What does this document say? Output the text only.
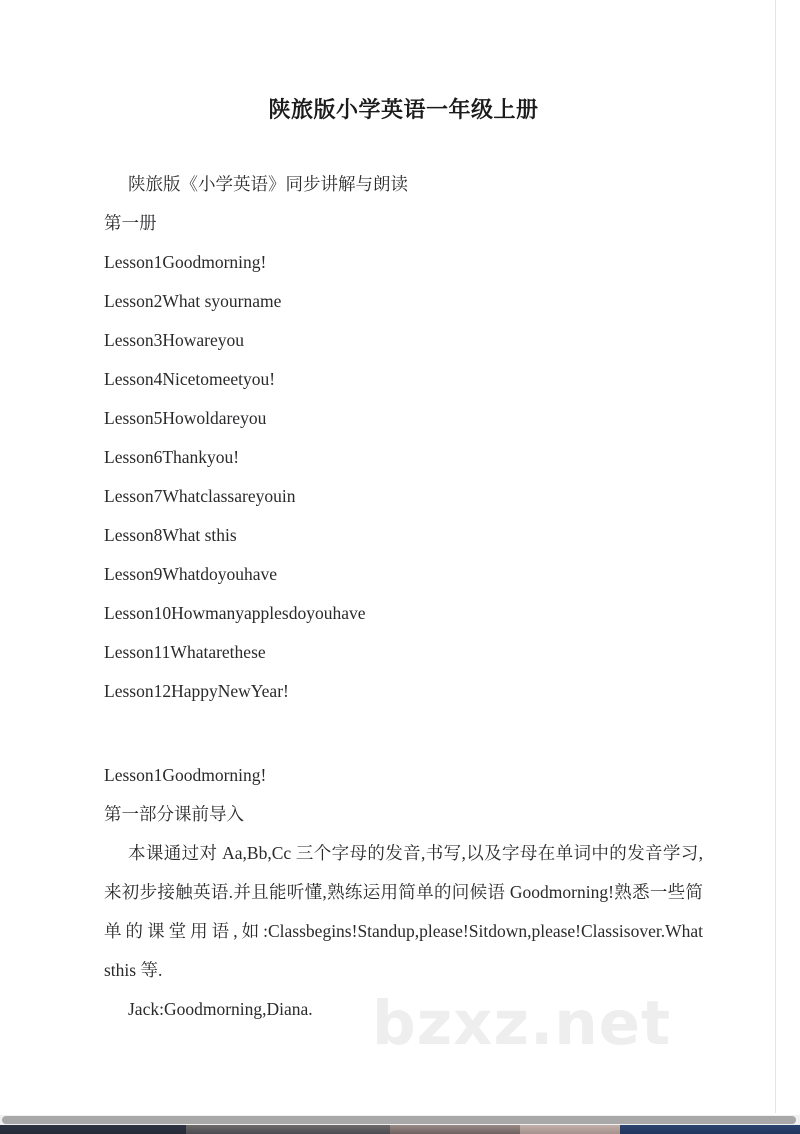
bzxz.net
陕旅版小学英语一年级上册

陕旅版《小学英语》同步讲解与朗读

第一册

Lesson1Goodmorning!

Lesson2What syourname

Lesson3Howareyou

Lesson4Nicetomeetyou!

Lesson5Howoldareyou

Lesson6Thankyou!

Lesson7Whatclassareyouin

Lesson8What sthis

Lesson9Whatdoyouhave

Lesson10Howmanyapplesdoyouhave

Lesson11Whatarethese

Lesson12HappyNewYear!

Lesson1Goodmorning!

第一部分课前导入

本课通过对 Aa,Bb,Cc 三个字母的发音,书写,以及字母在单词中的发音学习,来初步接触英语.并且能听懂,熟练运用简单的问候语 Goodmorning!熟悉一些简单的课堂用语,如:Classbegins!Standup,please!Sitdown,please!Classisover.What sthis 等.

Jack:Goodmorning,Diana.
